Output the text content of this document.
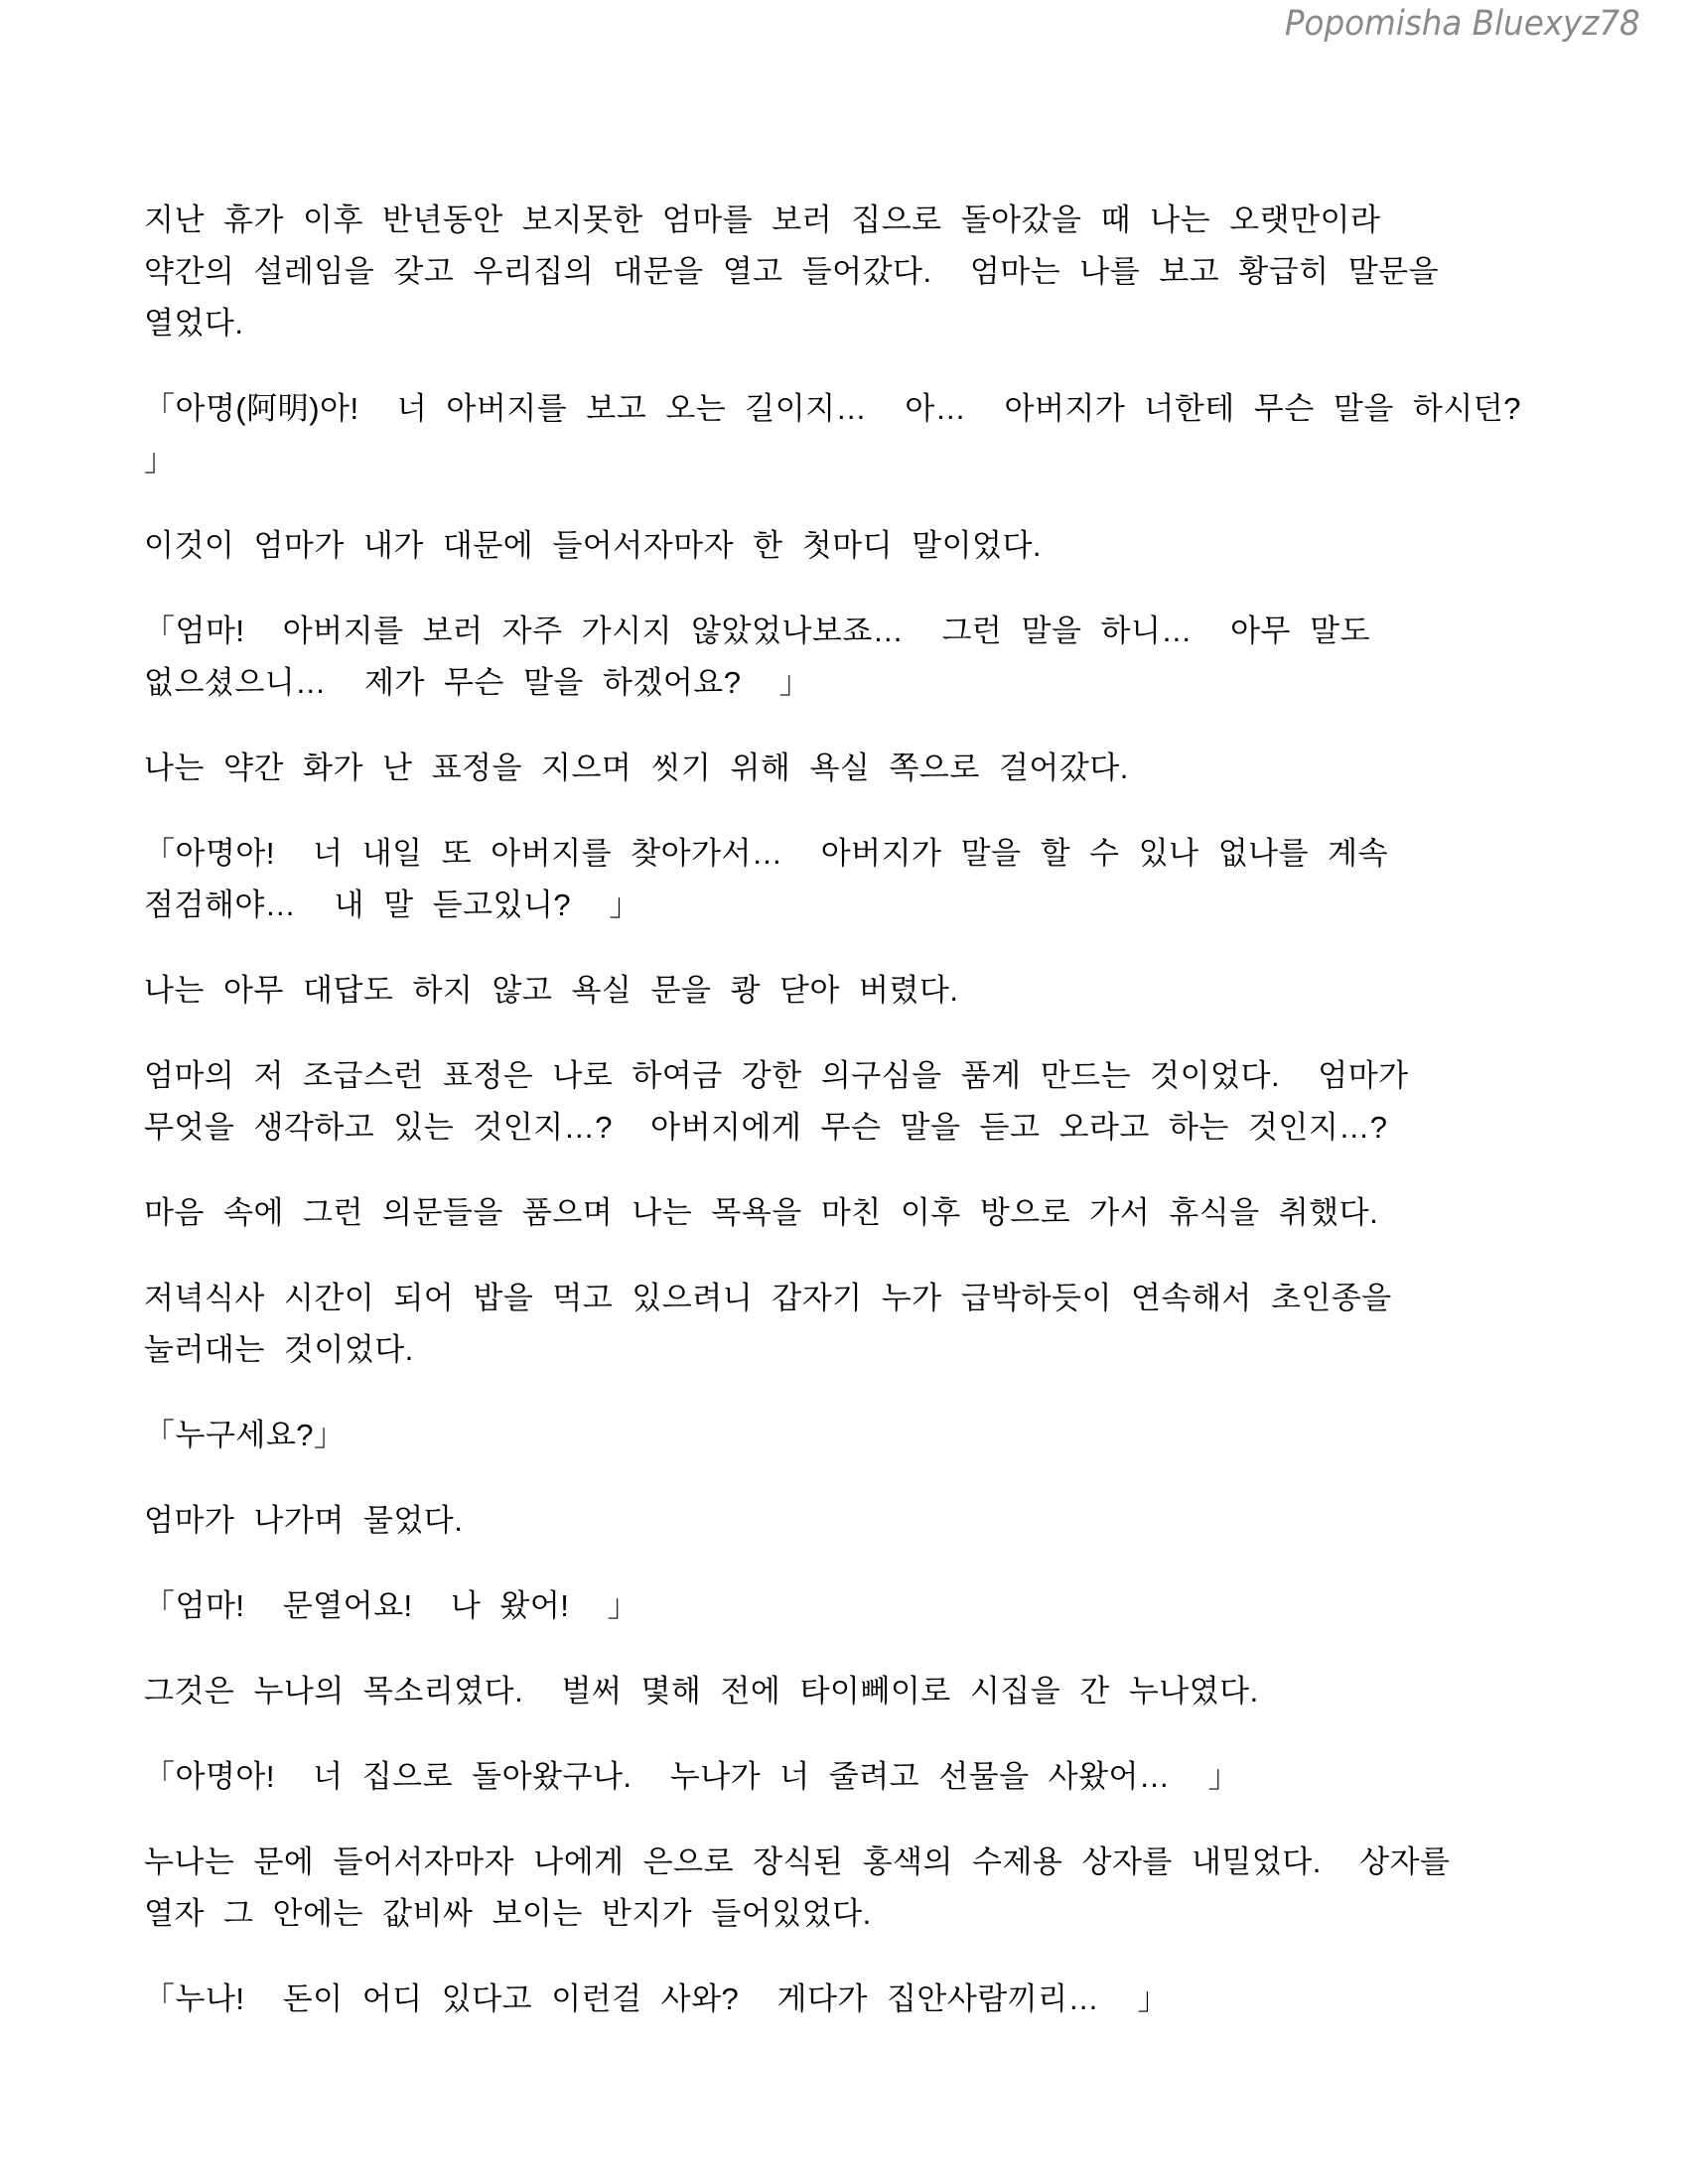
Popomisha Bluexyz78

지난 휴가 이후 반년동안 보지못한 엄마를 보러 집으로 돌아갔을 때 나는 오랫만이라
약간의 설레임을 갖고 우리집의 대문을 열고 들어갔다.  엄마는 나를 보고 황급히 말문을
열었다.

「아명(阿明)아!  너 아버지를 보고 오는 길이지…  아…  아버지가 너한테 무슨 말을 하시던?
」

이것이 엄마가 내가 대문에 들어서자마자 한 첫마디 말이었다.

「엄마!  아버지를 보러 자주 가시지 않았었나보죠…  그런 말을 하니…  아무 말도
없으셨으니…  제가 무슨 말을 하겠어요?  」

나는 약간 화가 난 표정을 지으며 씻기 위해 욕실 쪽으로 걸어갔다.

「아명아!  너 내일 또 아버지를 찾아가서…  아버지가 말을 할 수 있나 없나를 계속
점검해야…  내 말 듣고있니?  」

나는 아무 대답도 하지 않고 욕실 문을 쾅 닫아 버렸다.

엄마의 저 조급스런 표정은 나로 하여금 강한 의구심을 품게 만드는 것이었다.  엄마가
무엇을 생각하고 있는 것인지…?  아버지에게 무슨 말을 듣고 오라고 하는 것인지…?

마음 속에 그런 의문들을 품으며 나는 목욕을 마친 이후 방으로 가서 휴식을 취했다.

저녁식사 시간이 되어 밥을 먹고 있으려니 갑자기 누가 급박하듯이 연속해서 초인종을
눌러대는 것이었다.

「누구세요?」

엄마가 나가며 물었다.

「엄마!  문열어요!  나 왔어!  」

그것은 누나의 목소리였다.  벌써 몇해 전에 타이뻬이로 시집을 간 누나였다.

「아명아!  너 집으로 돌아왔구나.  누나가 너 줄려고 선물을 사왔어…  」

누나는 문에 들어서자마자 나에게 은으로 장식된 홍색의 수제용 상자를 내밀었다.  상자를
열자 그 안에는 값비싸 보이는 반지가 들어있었다.

「누나!  돈이 어디 있다고 이런걸 사와?  게다가 집안사람끼리…  」
